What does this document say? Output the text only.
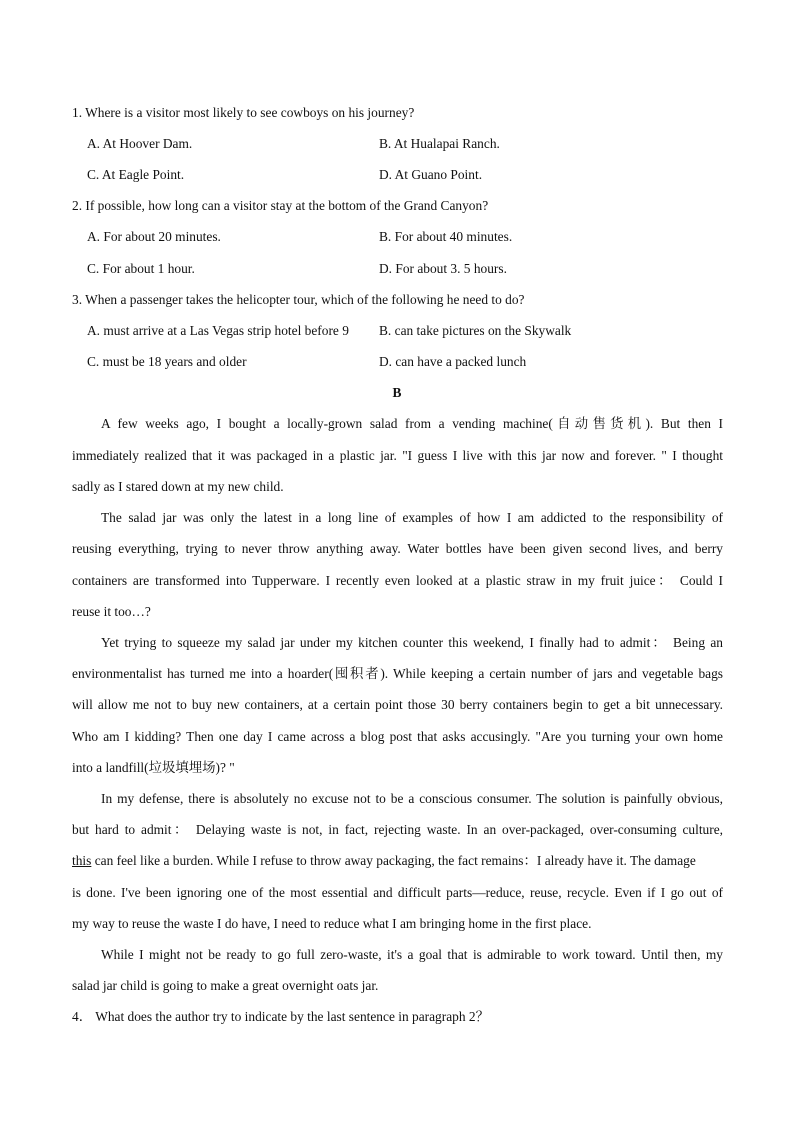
1. Where is a visitor most likely to see cowboys on his journey?
A. At Hoover Dam.	B. At Hualapai Ranch.
C. At Eagle Point.	D. At Guano Point.
2. If possible, how long can a visitor stay at the bottom of the Grand Canyon?
A. For about 20 minutes.	B. For about 40 minutes.
C. For about 1 hour.	D. For about 3. 5 hours.
3. When a passenger takes the helicopter tour, which of the following he need to do?
A. must arrive at a Las Vegas strip hotel before 9 B. can take pictures on the Skywalk
C. must be 18 years and older	D. can have a packed lunch
B
A few weeks ago, I bought a locally-grown salad from a vending machine(自动售货机). But then I
immediately realized that it was packaged in a plastic jar. "I guess I live with this jar now and forever. " I thought
sadly as I stared down at my new child.
The salad jar was only the latest in a long line of examples of how I am addicted to the responsibility of
reusing everything, trying to never throw anything away. Water bottles have been given second lives, and berry
containers are transformed into Tupperware. I recently even looked at a plastic straw in my fruit juice： Could I
reuse it too…?
Yet trying to squeeze my salad jar under my kitchen counter this weekend, I finally had to admit： Being an
environmentalist has turned me into a hoarder(囤积者). While keeping a certain number of jars and vegetable bags
will allow me not to buy new containers, at a certain point those 30 berry containers begin to get a bit unnecessary.
Who am I kidding? Then one day I came across a blog post that asks accusingly. "Are you turning your own home
into a landfill(垃圾填埋场)? "
In my defense, there is absolutely no excuse not to be a conscious consumer. The solution is painfully obvious,
but hard to admit： Delaying waste is not, in fact, rejecting waste. In an over-packaged, over-consuming culture,
this can feel like a burden. While I refuse to throw away packaging, the fact remains：I already have it. The damage
is done. I've been ignoring one of the most essential and difficult parts—reduce, reuse, recycle. Even if I go out of
my way to reuse the waste I do have, I need to reduce what I am bringing home in the first place.
While I might not be ready to go full zero-waste, it's a goal that is admirable to work toward. Until then, my
salad jar child is going to make a great overnight oats jar.
4． What does the author try to indicate by the last sentence in paragraph 2？
